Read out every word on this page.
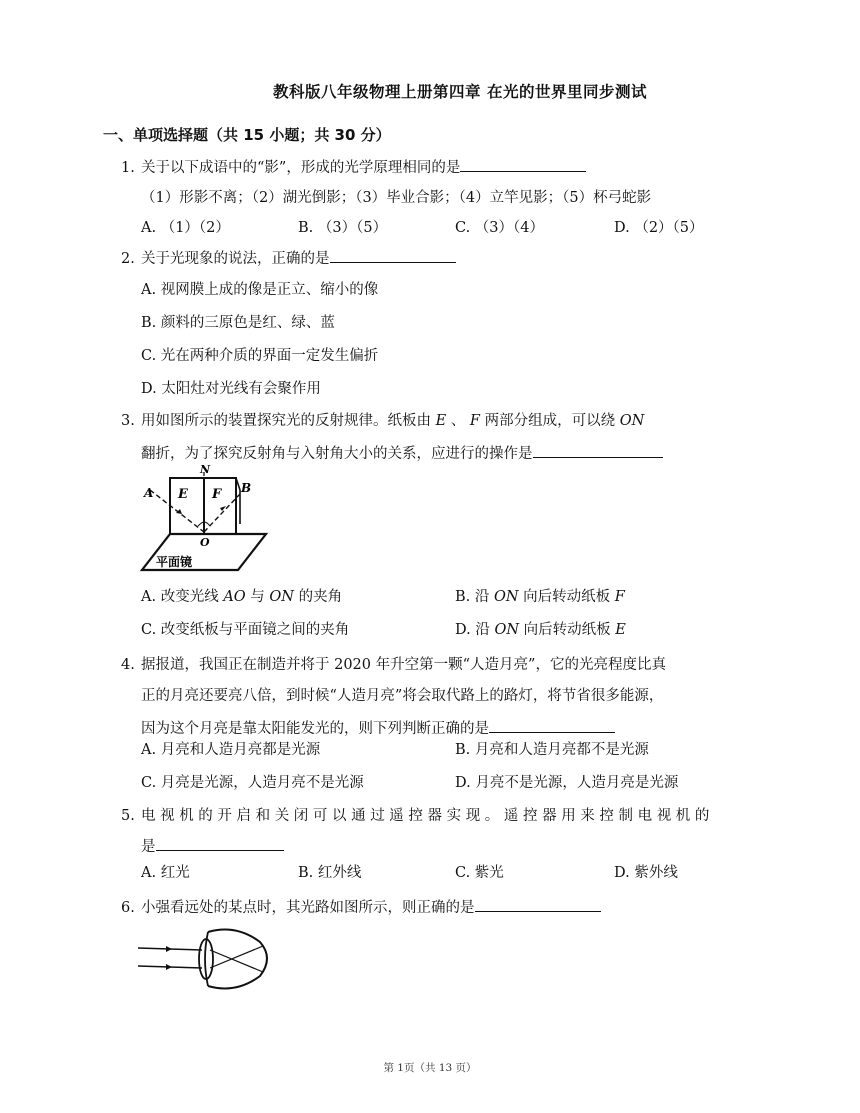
教科版八年级物理上册第四章 在光的世界里同步测试
一、单项选择题（共 15 小题；共 30 分）
1. 关于以下成语中的“影”，形成的光学原理相同的是
（1）形影不离；（2）湖光倒影；（3）毕业合影；（4）立竿见影；（5）杯弓蛇影
A. （1）（2）	B. （3）（5）	C. （3）（4）	D. （2）（5）
2. 关于光现象的说法，正确的是
A. 视网膜上成的像是正立、缩小的像
B. 颜料的三原色是红、绿、蓝
C. 光在两种介质的界面一定发生偏折
D. 太阳灶对光线有会聚作用
3. 用如图所示的装置探究光的反射规律。纸板由 E 、 F 两部分组成，可以绕 ON
翻折，为了探究反射角与入射角大小的关系，应进行的操作是
N
A E F B
O
平面镜
A. 改变光线 AO 与 ON 的夹角	B. 沿 ON 向后转动纸板 F
C. 改变纸板与平面镜之间的夹角	D. 沿 ON 向后转动纸板 E
4. 据报道，我国正在制造并将于 2020 年升空第一颗“人造月亮”，它的光亮程度比真
正的月亮还要亮八倍，到时候“人造月亮”将会取代路上的路灯，将节省很多能源，
因为这个月亮是靠太阳能发光的，则下列判断正确的是
A. 月亮和人造月亮都是光源	B. 月亮和人造月亮都不是光源
C. 月亮是光源，人造月亮不是光源	D. 月亮不是光源，人造月亮是光源
5. 电视机的开启和关闭可以通过遥控器实现。遥控器用来控制电视机的
是
A. 红光	B. 红外线	C. 紫光	D. 紫外线
6. 小强看远处的某点时，其光路如图所示，则正确的是
第 1页（共 13 页）
